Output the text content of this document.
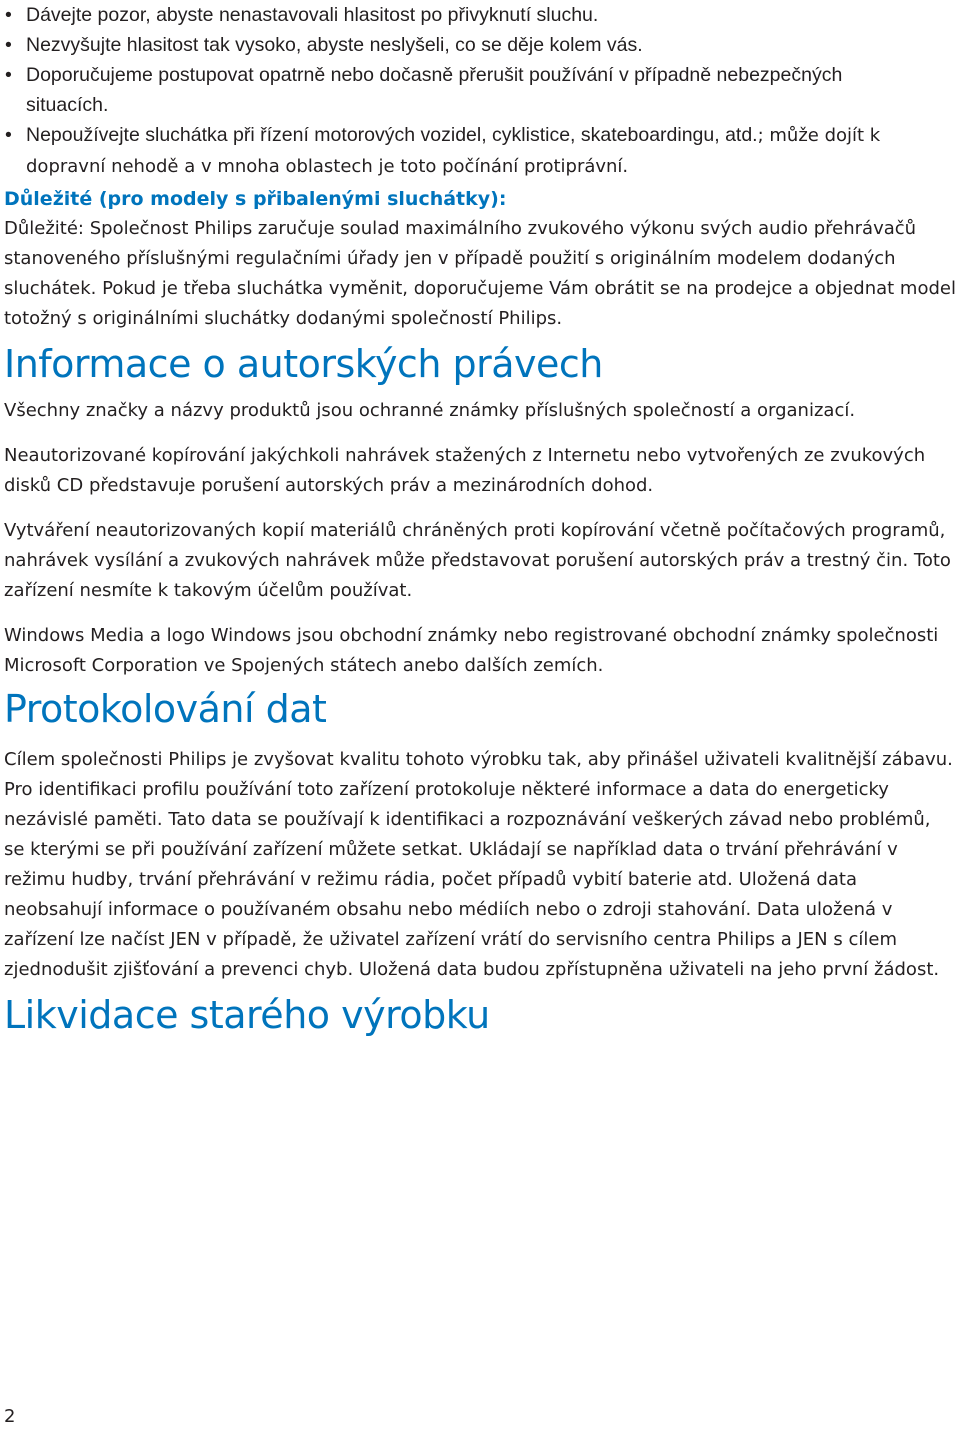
• Dávejte pozor, abyste nenastavovali hlasitost po přivyknutí sluchu.
• Nezvyšujte hlasitost tak vysoko, abyste neslyšeli, co se děje kolem vás.
• Doporučujeme postupovat opatrně nebo dočasně přerušit používání v případně nebezpečných situacích.
• Nepoužívejte sluchátka při řízení motorových vozidel, cyklistice, skateboardingu, atd.; může dojít k dopravní nehodě a v mnoha oblastech je toto počínání protiprávní.
Důležité (pro modely s přibalenými sluchátky):

Důležité: Společnost Philips zaručuje soulad maximálního zvukového výkonu svých audio přehrávačů stanoveného příslušnými regulačními úřady jen v případě použití s originálním modelem dodaných sluchátek. Pokud je třeba sluchátka vyměnit, doporučujeme Vám obrátit se na prodejce a objednat model totožný s originálními sluchátky dodanými společností Philips.

Informace o autorských právech

Všechny značky a názvy produktů jsou ochranné známky příslušných společností a organizací.

Neautorizované kopírování jakýchkoli nahrávek stažených z Internetu nebo vytvořených ze zvukových disků CD představuje porušení autorských práv a mezinárodních dohod.

Vytváření neautorizovaných kopií materiálů chráněných proti kopírování včetně počítačových programů, nahrávek vysílání a zvukových nahrávek může představovat porušení autorských práv a trestný čin. Toto zařízení nesmíte k takovým účelům používat.

Windows Media a logo Windows jsou obchodní známky nebo registrované obchodní známky společnosti Microsoft Corporation ve Spojených státech anebo dalších zemích.

Protokolování dat

Cílem společnosti Philips je zvyšovat kvalitu tohoto výrobku tak, aby přinášel uživateli kvalitnější zábavu. Pro identifikaci profilu používání toto zařízení protokoluje některé informace a data do energeticky nezávislé paměti. Tato data se používají k identifikaci a rozpoznávání veškerých závad nebo problémů, se kterými se při používání zařízení můžete setkat. Ukládají se například data o trvání přehrávání v režimu hudby, trvání přehrávání v režimu rádia, počet případů vybití baterie atd. Uložená data neobsahují informace o používaném obsahu nebo médiích nebo o zdroji stahování. Data uložená v zařízení lze načíst JEN v případě, že uživatel zařízení vrátí do servisního centra Philips a JEN s cílem zjednodušit zjišťování a prevenci chyb. Uložená data budou zpřístupněna uživateli na jeho první žádost.

Likvidace starého výrobku
2
